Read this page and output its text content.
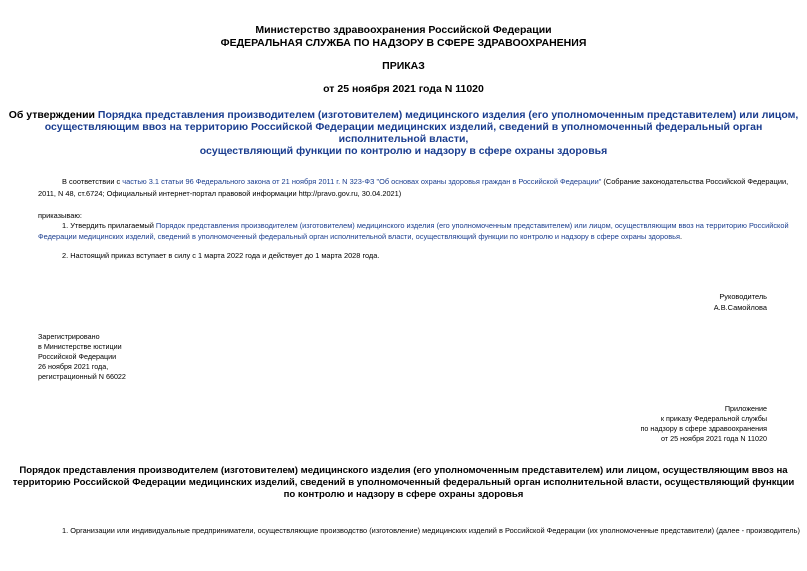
Министерство здравоохранения Российской Федерации
ФЕДЕРАЛЬНАЯ СЛУЖБА ПО НАДЗОРУ В СФЕРЕ ЗДРАВООХРАНЕНИЯ
ПРИКАЗ
от 25 ноября 2021 года N 11020
Об утверждении Порядка представления производителем (изготовителем) медицинского изделия (его уполномоченным представителем) или лицом,
осуществляющим ввоз на территорию Российской Федерации медицинских изделий, сведений в уполномоченный федеральный орган исполнительной власти,
осуществляющий функции по контролю и надзору в сфере охраны здоровья
В соответствии с частью 3.1 статьи 96 Федерального закона от 21 ноября 2011 г. N 323-ФЗ "Об основах охраны здоровья граждан в Российской Федерации" (Собрание законодательства Российской Федерации,
2011, N 48, ст.6724; Официальный интернет-портал правовой информации http://pravo.gov.ru, 30.04.2021)
приказываю:
1. Утвердить прилагаемый Порядок представления производителем (изготовителем) медицинского изделия (его уполномоченным представителем) или лицом, осуществляющим ввоз на территорию Российской
Федерации медицинских изделий, сведений в уполномоченный федеральный орган исполнительной власти, осуществляющий функции по контролю и надзору в сфере охраны здоровья.
2. Настоящий приказ вступает в силу с 1 марта 2022 года и действует до 1 марта 2028 года.
Руководитель
А.В.Самойлова
Зарегистрировано
в Министерстве юстиции
Российской Федерации
26 ноября 2021 года,
регистрационный N 66022
Приложение
к приказу Федеральной службы
по надзору в сфере здравоохранения
от 25 ноября 2021 года N 11020
Порядок представления производителем (изготовителем) медицинского изделия (его уполномоченным представителем) или лицом, осуществляющим ввоз на
территорию Российской Федерации медицинских изделий, сведений в уполномоченный федеральный орган исполнительной власти, осуществляющий функции
по контролю и надзору в сфере охраны здоровья
1. Организации или индивидуальные предприниматели, осуществляющие производство (изготовление) медицинских изделий в Российской Федерации (их уполномоченные представители) (далее - производитель)
